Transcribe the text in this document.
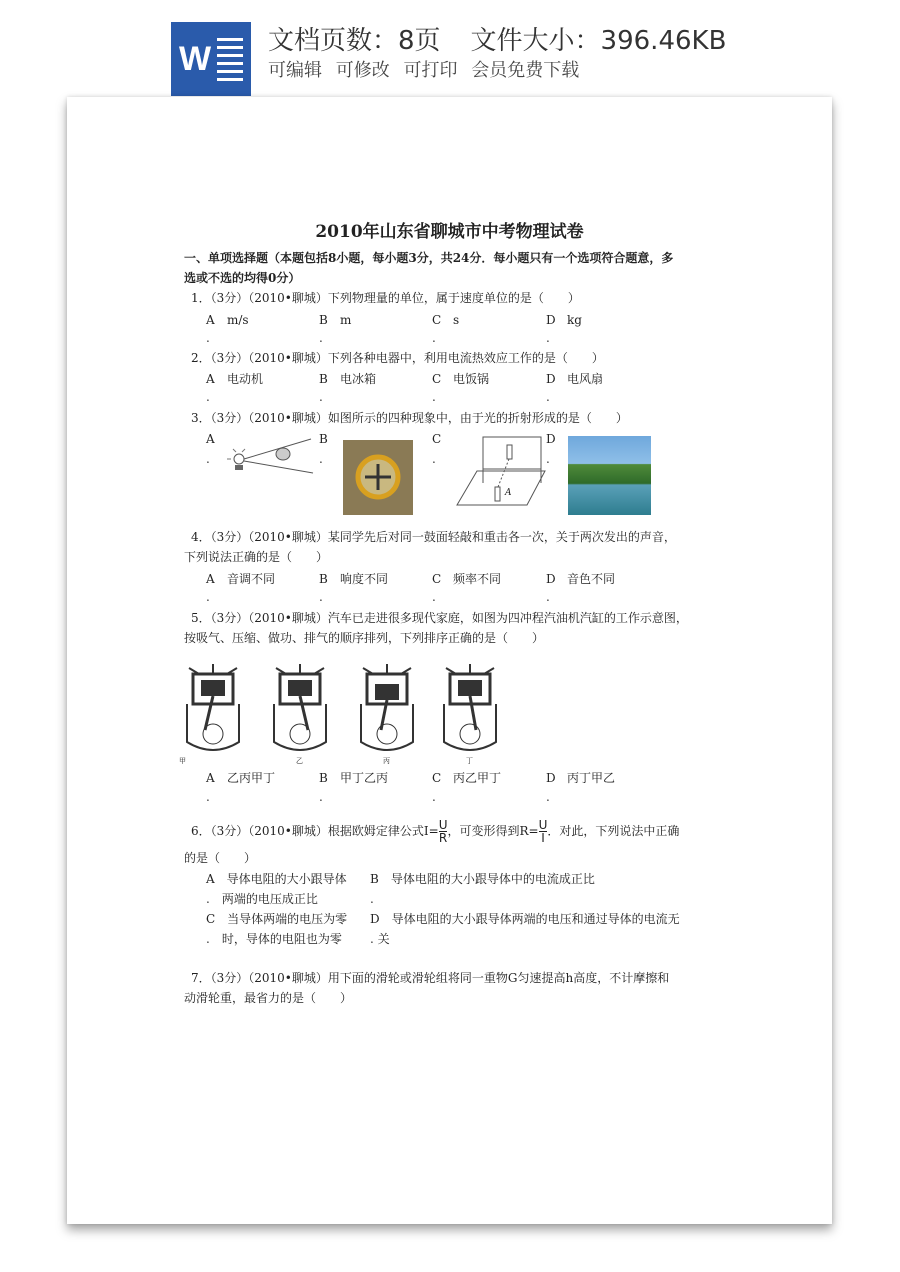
W 文档页数：8页 文件大小：396.46KB
可编辑 可修改 可打印 会员免费下载
2010年山东省聊城市中考物理试卷
一、单项选择题（本题包括8小题，每小题3分，共24分．每小题只有一个选项符合题意，多
选或不选的均得0分）
1．（3分）（2010•聊城）下列物理量的单位，属于速度单位的是（　　）
A m/s	B m	C s	D kg
.	.	.	.
2．（3分）（2010•聊城）下列各种电器中，利用电流热效应工作的是（　　）
A 电动机	B 电冰箱	C 电饭锅	D 电风扇
.	.	.	.
3．（3分）（2010•聊城）如图所示的四种现象中，由于光的折射形成的是（　　）
A	B	C	D
.	.	.	.
A
4．（3分）（2010•聊城）某同学先后对同一鼓面轻敲和重击各一次，关于两次发出的声音，
下列说法正确的是（　　）
A 音调不同	B 响度不同	C 频率不同	D 音色不同
.	.	.	.
5．（3分）（2010•聊城）汽车已走进很多现代家庭，如图为四冲程汽油机汽缸的工作示意图，
按吸气、压缩、做功、排气的顺序排列，下列排序正确的是（　　）
甲	乙	丙	丁
A 乙丙甲丁	B 甲丁乙丙	C 丙乙甲丁	D 丙丁甲乙
.	.	.	.
6．（3分）（2010•聊城）根据欧姆定律公式$I= \frac{U}{R}$ ，可变形得到$R= \frac{U}{I}$ ．对此，下列说法中正确
的是（　　）
A　导体电阻的大小跟导体 B　导体电阻的大小跟导体中的电流成正比
.　两端的电压成正比	.
C　当导体两端的电压为零 D　导体电阻的大小跟导体两端的电压和通过导体的电流无
.　时，导体的电阻也为零 . 关
7．（3分）（2010•聊城）用下面的滑轮或滑轮组将同一重物G匀速提高h高度，不计摩擦和
动滑轮重，最省力的是（　　）
